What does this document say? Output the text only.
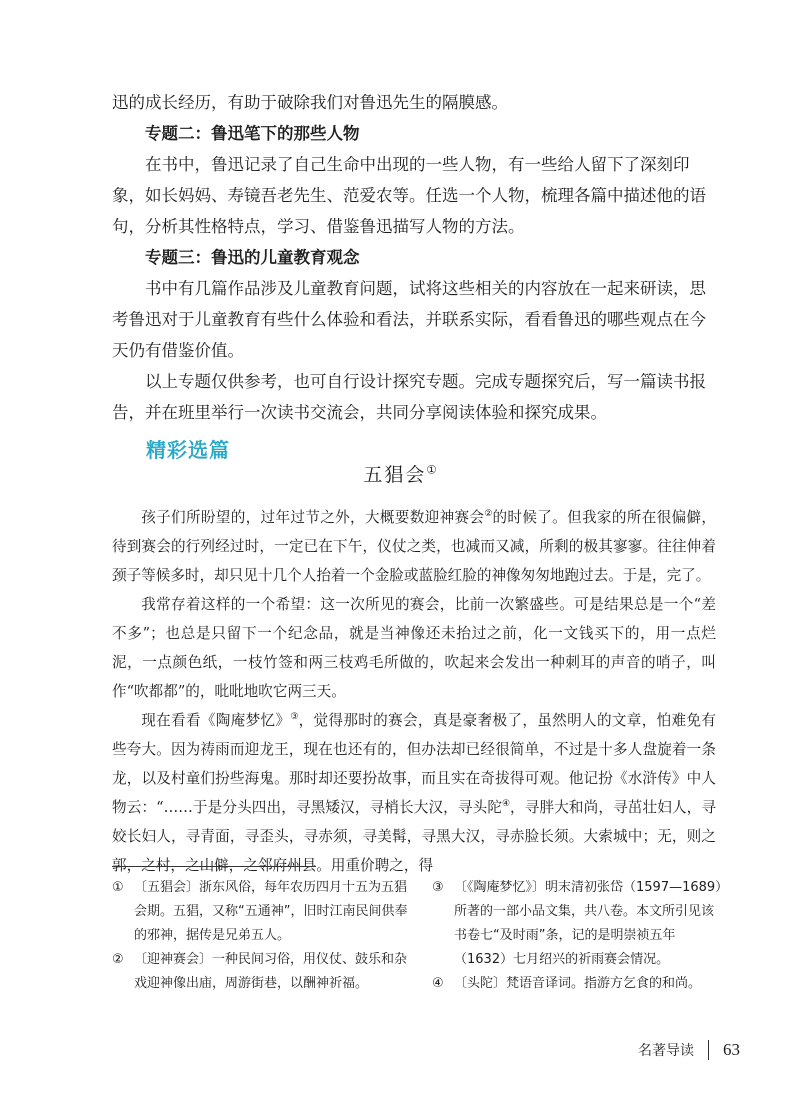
迅的成长经历，有助于破除我们对鲁迅先生的隔膜感。

专题二：鲁迅笔下的那些人物

在书中，鲁迅记录了自己生命中出现的一些人物，有一些给人留下了深刻印象，如长妈妈、寿镜吾老先生、范爱农等。任选一个人物，梳理各篇中描述他的语句，分析其性格特点，学习、借鉴鲁迅描写人物的方法。

专题三：鲁迅的儿童教育观念

书中有几篇作品涉及儿童教育问题，试将这些相关的内容放在一起来研读，思考鲁迅对于儿童教育有些什么体验和看法，并联系实际，看看鲁迅的哪些观点在今天仍有借鉴价值。

以上专题仅供参考，也可自行设计探究专题。完成专题探究后，写一篇读书报告，并在班里举行一次读书交流会，共同分享阅读体验和探究成果。

精彩选篇
五猖会①

孩子们所盼望的，过年过节之外，大概要数迎神赛会②的时候了。但我家的所在很偏僻，待到赛会的行列经过时，一定已在下午，仪仗之类，也减而又减，所剩的极其寥寥。往往伸着颈子等候多时，却只见十几个人抬着一个金脸或蓝脸红脸的神像匆匆地跑过去。于是，完了。

我常存着这样的一个希望：这一次所见的赛会，比前一次繁盛些。可是结果总是一个“差不多”；也总是只留下一个纪念品，就是当神像还未抬过之前，化一文钱买下的，用一点烂泥，一点颜色纸，一枝竹签和两三枝鸡毛所做的，吹起来会发出一种刺耳的声音的哨子，叫作“吹都都”的，吡吡地吹它两三天。

现在看看《陶庵梦忆》③，觉得那时的赛会，真是豪奢极了，虽然明人的文章，怕难免有些夸大。因为祷雨而迎龙王，现在也还有的，但办法却已经很简单，不过是十多人盘旋着一条龙，以及村童们扮些海鬼。那时却还要扮故事，而且实在奇拔得可观。他记扮《水浒传》中人物云：“……于是分头四出，寻黑矮汉，寻梢长大汉，寻头陀④，寻胖大和尚，寻茁壮妇人，寻姣长妇人，寻青面，寻歪头，寻赤须，寻美髯，寻黑大汉，寻赤脸长须。大索城中；无，则之郭，之村，之山僻，之邻府州县。用重价聘之，得

① 〔五猖会〕浙东风俗，每年农历四月十五为五猖会期。五猖，又称“五通神”，旧时江南民间供奉的邪神，据传是兄弟五人。
② 〔迎神赛会〕一种民间习俗，用仪仗、鼓乐和杂戏迎神像出庙，周游街巷，以酬神祈福。
③ 〔《陶庵梦忆》〕明末清初张岱（1597—1689）所著的一部小品文集，共八卷。本文所引见该书卷七“及时雨”条，记的是明崇祯五年（1632）七月绍兴的祈雨赛会情况。
④ 〔头陀〕梵语音译词。指游方乞食的和尚。
名著导读 63
